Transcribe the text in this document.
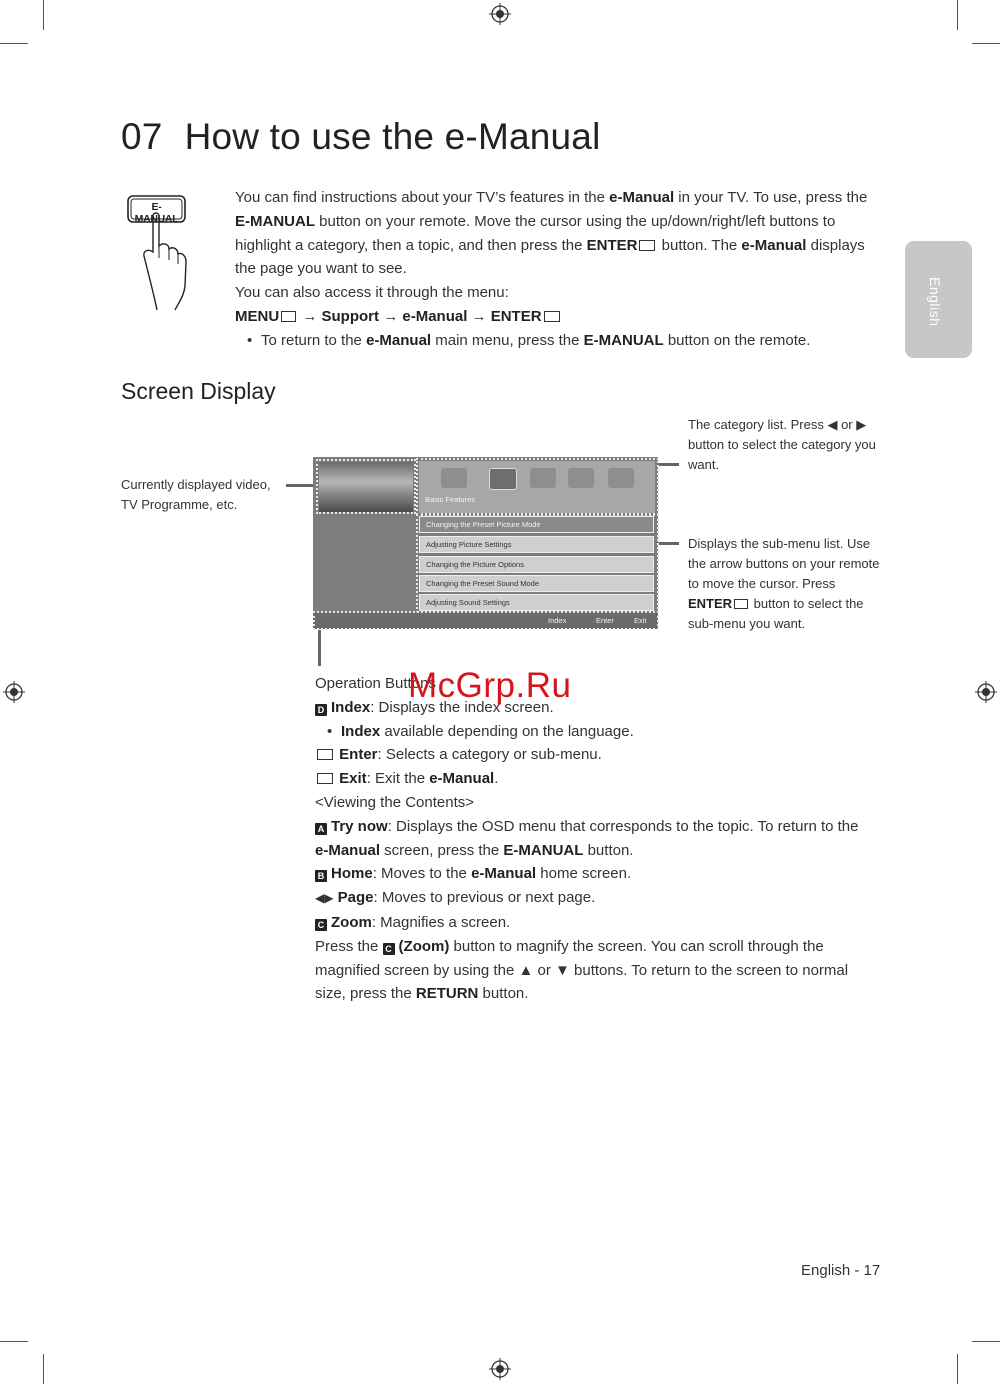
07 How to use the e-Manual
English
E-MANUAL

You can find instructions about your TV’s features in the e-Manual in your TV. To use, press the E-MANUAL button on your remote. Move the cursor using the up/down/right/left buttons to highlight a category, then a topic, and then press the ENTER button. The e-Manual displays the page you want to see.

You can also access it through the menu:

MENU → Support → e-Manual → ENTER

• To return to the e-Manual main menu, press the E-MANUAL button on the remote.

Screen Display
Currently displayed video, TV Programme, etc.
The category list. Press ◀ or ▶ button to select the category you want.
Displays the sub-menu list. Use the arrow buttons on your remote to move the cursor. Press ENTER button to select the sub-menu you want.
Basic Features
Changing the Preset Picture Mode
Adjusting Picture Settings
Changing the Picture Options
Changing the Preset Sound Mode
Adjusting Sound Settings
Index	Enter	Exit

Operation Buttons

D Index: Displays the index screen.

• Index available depending on the language.

Enter: Selects a category or sub-menu.

Exit: Exit the e-Manual.

<Viewing the Contents>

A Try now: Displays the OSD menu that corresponds to the topic. To return to the e-Manual screen, press the E-MANUAL button.

B Home: Moves to the e-Manual home screen.

◀▶ Page: Moves to previous or next page.

C Zoom: Magnifies a screen.

Press the C (Zoom) button to magnify the screen. You can scroll through the magnified screen by using the ▲ or ▼ buttons. To return to the screen to normal size, press the RETURN button.

McGrp.Ru
English - 17
